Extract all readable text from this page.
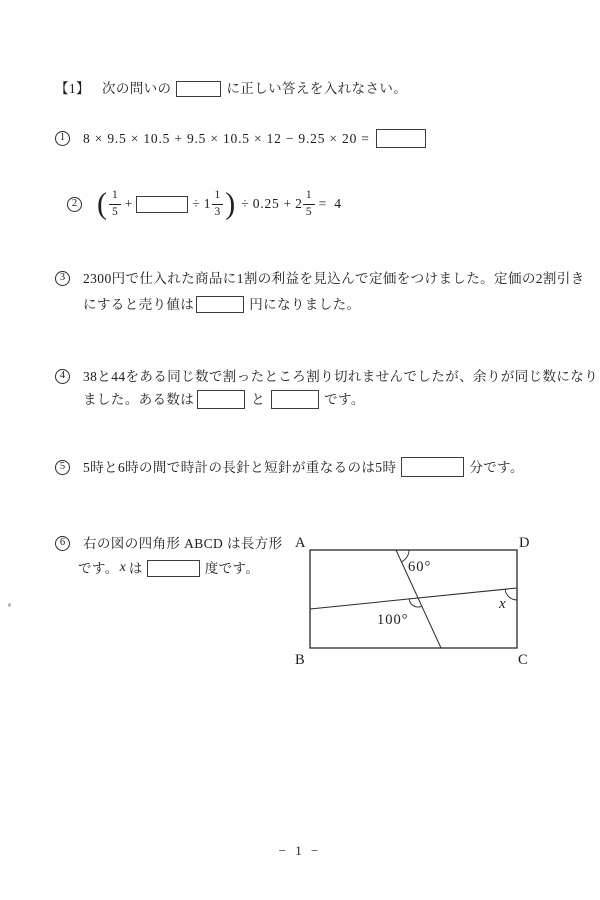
【1】 次の問いの	に正しい答えを入れなさい。
1	8 × 9.5 × 10.5 + 9.5 × 10.5 × 12 − 9.25 × 20 =
2 ( $\frac{1}{5}$ +	÷ $1 \frac{1}{3}$ ) ÷ $0.25 + 2 \frac{1}{5} = 4$
3	2300円で仕入れた商品に1割の利益を見込んで定価をつけました。定価の2割引き
にすると売り値は	円になりました。
4	38と44をある同じ数で割ったところ割り切れませんでしたが、余りが同じ数になり
ました。ある数は	と	です。
5	5時と6時の間で時計の長針と短針が重なるのは5時	分です。
6	右の図の四角形 ABCD は長方形
です。 x は	度です。
A	D
B	C
60°
100°
x
− 1 −
